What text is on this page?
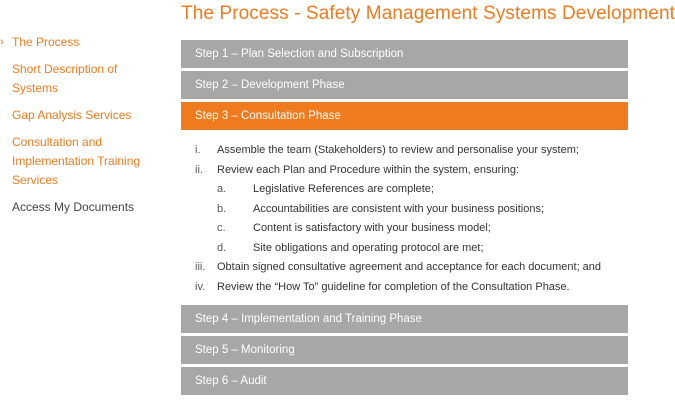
› The Process
Short Description of Systems
Gap Analysis Services
Consultation and Implementation Training Services
Access My Documents
The Process - Safety Management Systems Development
Step 1 – Plan Selection and Subscription
Step 2 – Development Phase
Step 3 – Consultation Phase
i.	Assemble the team (Stakeholders) to review and personalise your system;
ii.	Review each Plan and Procedure within the system, ensuring:
a.	Legislative References are complete;
b.	Accountabilities are consistent with your business positions;
c.	Content is satisfactory with your business model;
d.	Site obligations and operating protocol are met;
iii.	Obtain signed consultative agreement and acceptance for each document; and
iv.	Review the “How To” guideline for completion of the Consultation Phase.
Step 4 – Implementation and Training Phase
Step 5 – Monitoring
Step 6 – Audit
